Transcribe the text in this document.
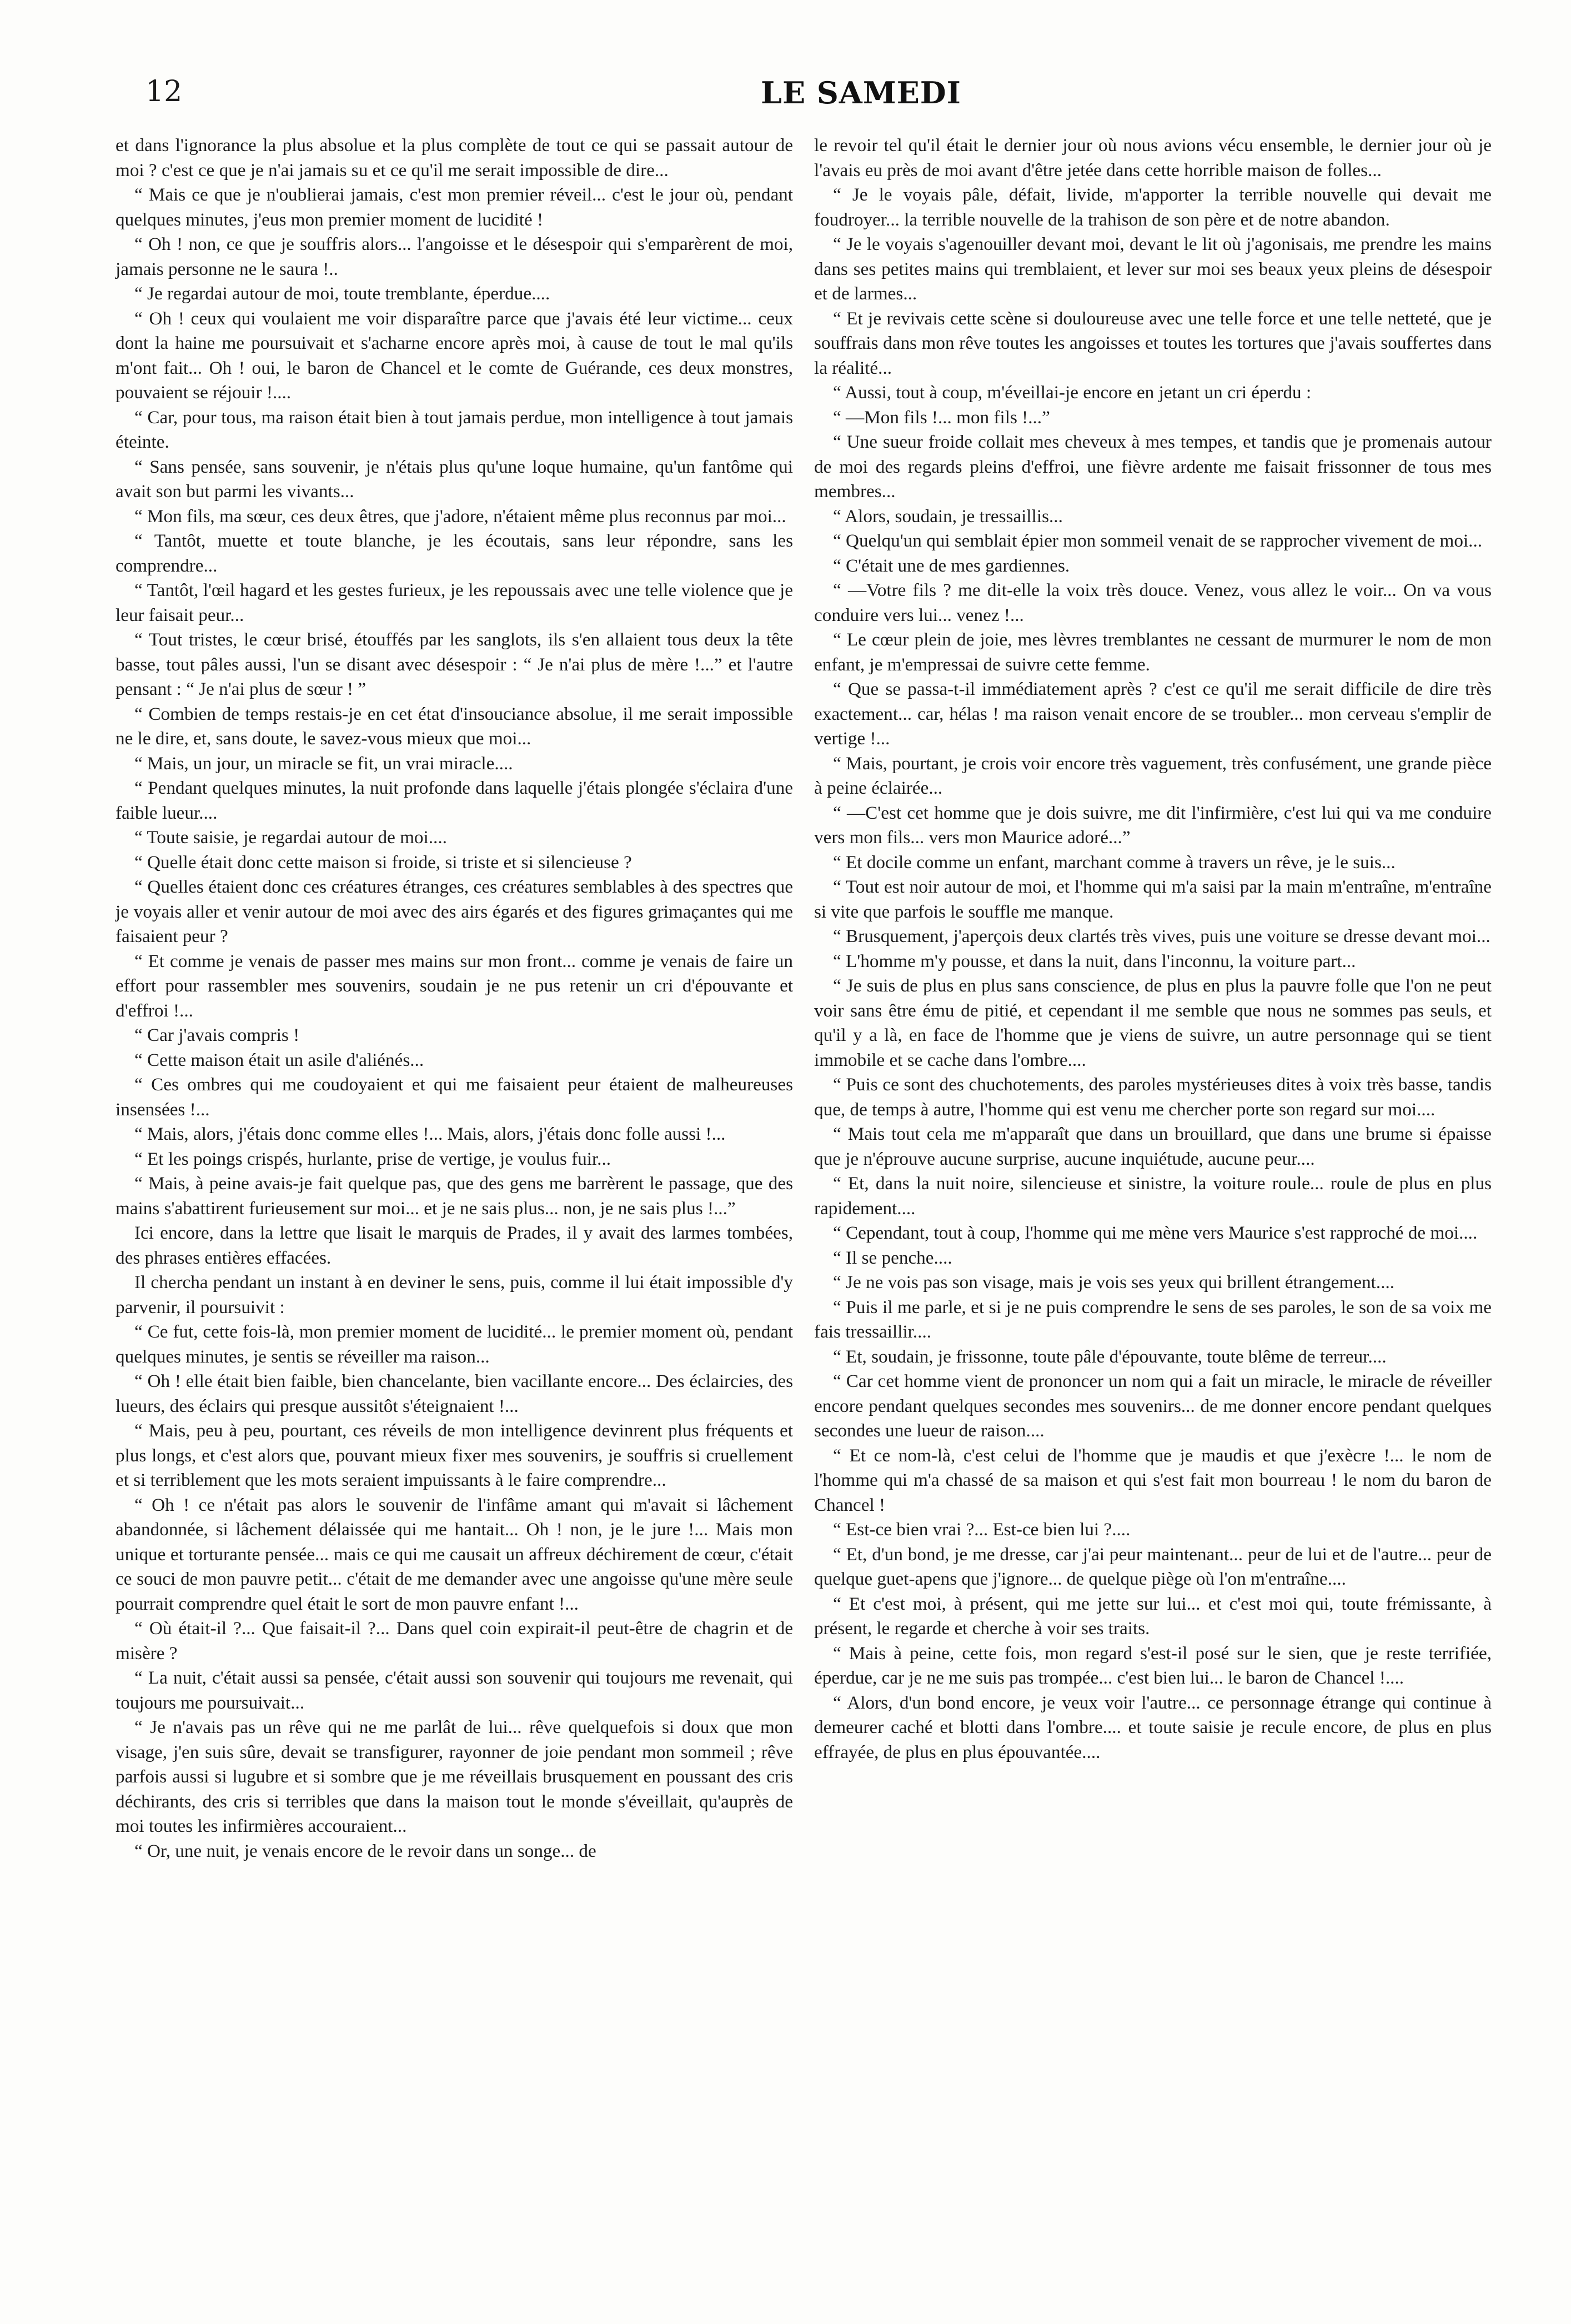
12	LE SAMEDI

et dans l'ignorance la plus absolue et la plus complète de tout ce qui se passait autour de moi ? c'est ce que je n'ai jamais su et ce qu'il me serait impossible de dire...

“ Mais ce que je n'oublierai jamais, c'est mon premier réveil... c'est le jour où, pendant quelques minutes, j'eus mon premier moment de lucidité !

“ Oh ! non, ce que je souffris alors... l'angoisse et le désespoir qui s'emparèrent de moi, jamais personne ne le saura !..

“ Je regardai autour de moi, toute tremblante, éperdue....

“ Oh ! ceux qui voulaient me voir disparaître parce que j'avais été leur victime... ceux dont la haine me poursuivait et s'acharne encore après moi, à cause de tout le mal qu'ils m'ont fait... Oh ! oui, le baron de Chancel et le comte de Guérande, ces deux monstres, pouvaient se réjouir !....

“ Car, pour tous, ma raison était bien à tout jamais perdue, mon intelligence à tout jamais éteinte.

“ Sans pensée, sans souvenir, je n'étais plus qu'une loque humaine, qu'un fantôme qui avait son but parmi les vivants...

“ Mon fils, ma sœur, ces deux êtres, que j'adore, n'étaient même plus reconnus par moi...

“ Tantôt, muette et toute blanche, je les écoutais, sans leur répondre, sans les comprendre...

“ Tantôt, l'œil hagard et les gestes furieux, je les repoussais avec une telle violence que je leur faisait peur...

“ Tout tristes, le cœur brisé, étouffés par les sanglots, ils s'en allaient tous deux la tête basse, tout pâles aussi, l'un se disant avec désespoir : “ Je n'ai plus de mère !...” et l'autre pensant : “ Je n'ai plus de sœur ! ”

“ Combien de temps restais-je en cet état d'insouciance absolue, il me serait impossible ne le dire, et, sans doute, le savez-vous mieux que moi...

“ Mais, un jour, un miracle se fit, un vrai miracle....

“ Pendant quelques minutes, la nuit profonde dans laquelle j'étais plongée s'éclaira d'une faible lueur....

“ Toute saisie, je regardai autour de moi....

“ Quelle était donc cette maison si froide, si triste et si silencieuse ?

“ Quelles étaient donc ces créatures étranges, ces créatures semblables à des spectres que je voyais aller et venir autour de moi avec des airs égarés et des figures grimaçantes qui me faisaient peur ?

“ Et comme je venais de passer mes mains sur mon front... comme je venais de faire un effort pour rassembler mes souvenirs, soudain je ne pus retenir un cri d'épouvante et d'effroi !...

“ Car j'avais compris !

“ Cette maison était un asile d'aliénés...

“ Ces ombres qui me coudoyaient et qui me faisaient peur étaient de malheureuses insensées !...

“ Mais, alors, j'étais donc comme elles !... Mais, alors, j'étais donc folle aussi !...

“ Et les poings crispés, hurlante, prise de vertige, je voulus fuir...

“ Mais, à peine avais-je fait quelque pas, que des gens me barrèrent le passage, que des mains s'abattirent furieusement sur moi... et je ne sais plus... non, je ne sais plus !...”

Ici encore, dans la lettre que lisait le marquis de Prades, il y avait des larmes tombées, des phrases entières effacées.

Il chercha pendant un instant à en deviner le sens, puis, comme il lui était impossible d'y parvenir, il poursuivit :

“ Ce fut, cette fois-là, mon premier moment de lucidité... le premier moment où, pendant quelques minutes, je sentis se réveiller ma raison...

“ Oh ! elle était bien faible, bien chancelante, bien vacillante encore... Des éclaircies, des lueurs, des éclairs qui presque aussitôt s'éteignaient !...

“ Mais, peu à peu, pourtant, ces réveils de mon intelligence devinrent plus fréquents et plus longs, et c'est alors que, pouvant mieux fixer mes souvenirs, je souffris si cruellement et si terriblement que les mots seraient impuissants à le faire comprendre...

“ Oh ! ce n'était pas alors le souvenir de l'infâme amant qui m'avait si lâchement abandonnée, si lâchement délaissée qui me hantait... Oh ! non, je le jure !... Mais mon unique et torturante pensée... mais ce qui me causait un affreux déchirement de cœur, c'était ce souci de mon pauvre petit... c'était de me demander avec une angoisse qu'une mère seule pourrait comprendre quel était le sort de mon pauvre enfant !...

“ Où était-il ?... Que faisait-il ?... Dans quel coin expirait-il peut-être de chagrin et de misère ?

“ La nuit, c'était aussi sa pensée, c'était aussi son souvenir qui toujours me revenait, qui toujours me poursuivait...

“ Je n'avais pas un rêve qui ne me parlât de lui... rêve quelquefois si doux que mon visage, j'en suis sûre, devait se transfigurer, rayonner de joie pendant mon sommeil ; rêve parfois aussi si lugubre et si sombre que je me réveillais brusquement en poussant des cris déchirants, des cris si terribles que dans la maison tout le monde s'éveillait, qu'auprès de moi toutes les infirmières accouraient...

“ Or, une nuit, je venais encore de le revoir dans un songe... de

le revoir tel qu'il était le dernier jour où nous avions vécu ensemble, le dernier jour où je l'avais eu près de moi avant d'être jetée dans cette horrible maison de folles...

“ Je le voyais pâle, défait, livide, m'apporter la terrible nouvelle qui devait me foudroyer... la terrible nouvelle de la trahison de son père et de notre abandon.

“ Je le voyais s'agenouiller devant moi, devant le lit où j'agonisais, me prendre les mains dans ses petites mains qui tremblaient, et lever sur moi ses beaux yeux pleins de désespoir et de larmes...

“ Et je revivais cette scène si douloureuse avec une telle force et une telle netteté, que je souffrais dans mon rêve toutes les angoisses et toutes les tortures que j'avais souffertes dans la réalité...

“ Aussi, tout à coup, m'éveillai-je encore en jetant un cri éperdu :

“ —Mon fils !... mon fils !...”

“ Une sueur froide collait mes cheveux à mes tempes, et tandis que je promenais autour de moi des regards pleins d'effroi, une fièvre ardente me faisait frissonner de tous mes membres...

“ Alors, soudain, je tressaillis...

“ Quelqu'un qui semblait épier mon sommeil venait de se rapprocher vivement de moi...

“ C'était une de mes gardiennes.

“ —Votre fils ? me dit-elle la voix très douce. Venez, vous allez le voir... On va vous conduire vers lui... venez !...

“ Le cœur plein de joie, mes lèvres tremblantes ne cessant de murmurer le nom de mon enfant, je m'empressai de suivre cette femme.

“ Que se passa-t-il immédiatement après ? c'est ce qu'il me serait difficile de dire très exactement... car, hélas ! ma raison venait encore de se troubler... mon cerveau s'emplir de vertige !...

“ Mais, pourtant, je crois voir encore très vaguement, très confusément, une grande pièce à peine éclairée...

“ —C'est cet homme que je dois suivre, me dit l'infirmière, c'est lui qui va me conduire vers mon fils... vers mon Maurice adoré...”

“ Et docile comme un enfant, marchant comme à travers un rêve, je le suis...

“ Tout est noir autour de moi, et l'homme qui m'a saisi par la main m'entraîne, m'entraîne si vite que parfois le souffle me manque.

“ Brusquement, j'aperçois deux clartés très vives, puis une voiture se dresse devant moi...

“ L'homme m'y pousse, et dans la nuit, dans l'inconnu, la voiture part...

“ Je suis de plus en plus sans conscience, de plus en plus la pauvre folle que l'on ne peut voir sans être ému de pitié, et cependant il me semble que nous ne sommes pas seuls, et qu'il y a là, en face de l'homme que je viens de suivre, un autre personnage qui se tient immobile et se cache dans l'ombre....

“ Puis ce sont des chuchotements, des paroles mystérieuses dites à voix très basse, tandis que, de temps à autre, l'homme qui est venu me chercher porte son regard sur moi....

“ Mais tout cela me m'apparaît que dans un brouillard, que dans une brume si épaisse que je n'éprouve aucune surprise, aucune inquiétude, aucune peur....

“ Et, dans la nuit noire, silencieuse et sinistre, la voiture roule... roule de plus en plus rapidement....

“ Cependant, tout à coup, l'homme qui me mène vers Maurice s'est rapproché de moi....

“ Il se penche....

“ Je ne vois pas son visage, mais je vois ses yeux qui brillent étrangement....

“ Puis il me parle, et si je ne puis comprendre le sens de ses paroles, le son de sa voix me fais tressaillir....

“ Et, soudain, je frissonne, toute pâle d'épouvante, toute blême de terreur....

“ Car cet homme vient de prononcer un nom qui a fait un miracle, le miracle de réveiller encore pendant quelques secondes mes souvenirs... de me donner encore pendant quelques secondes une lueur de raison....

“ Et ce nom-là, c'est celui de l'homme que je maudis et que j'exècre !... le nom de l'homme qui m'a chassé de sa maison et qui s'est fait mon bourreau ! le nom du baron de Chancel !

“ Est-ce bien vrai ?... Est-ce bien lui ?....

“ Et, d'un bond, je me dresse, car j'ai peur maintenant... peur de lui et de l'autre... peur de quelque guet-apens que j'ignore... de quelque piège où l'on m'entraîne....

“ Et c'est moi, à présent, qui me jette sur lui... et c'est moi qui, toute frémissante, à présent, le regarde et cherche à voir ses traits.

“ Mais à peine, cette fois, mon regard s'est-il posé sur le sien, que je reste terrifiée, éperdue, car je ne me suis pas trompée... c'est bien lui... le baron de Chancel !....

“ Alors, d'un bond encore, je veux voir l'autre... ce personnage étrange qui continue à demeurer caché et blotti dans l'ombre.... et toute saisie je recule encore, de plus en plus effrayée, de plus en plus épouvantée....
